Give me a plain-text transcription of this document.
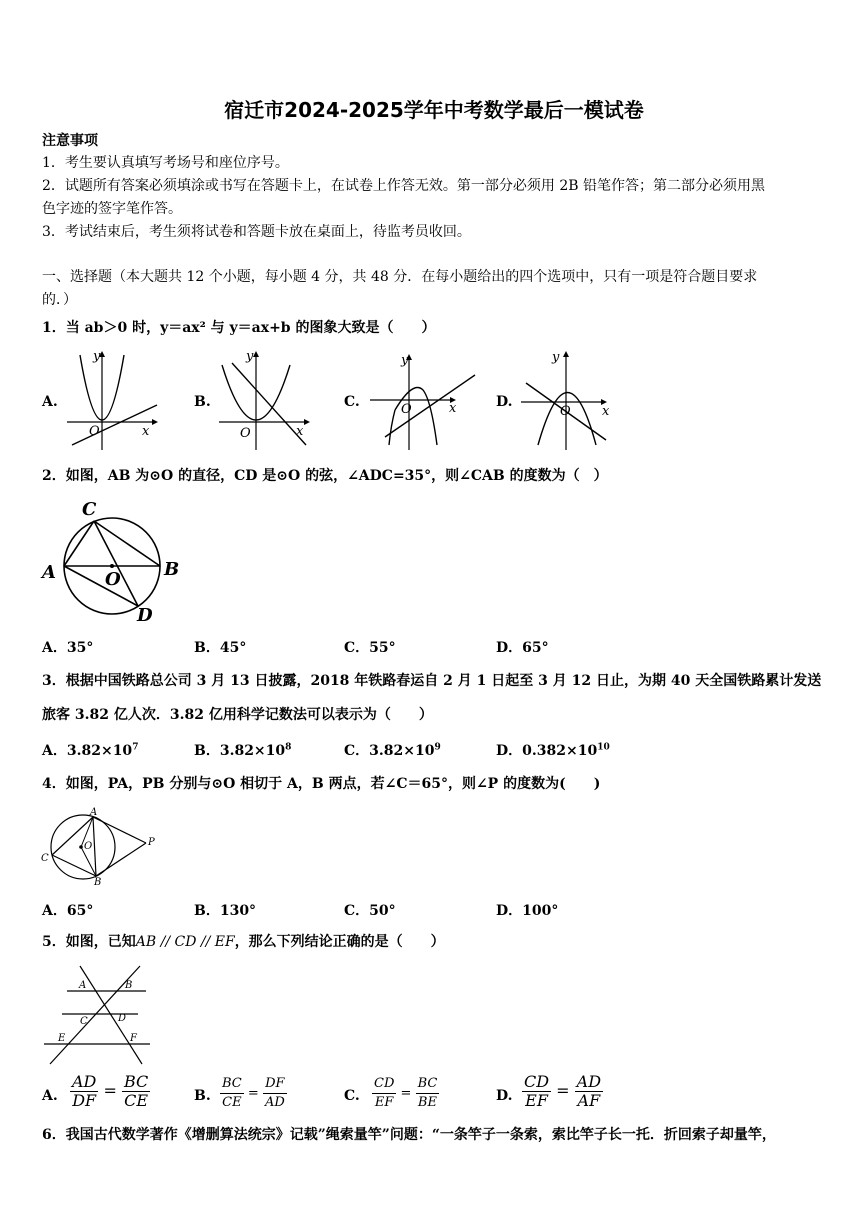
宿迁市2024-2025学年中考数学最后一模试卷
注意事项
1．考生要认真填写考场号和座位序号。
2．试题所有答案必须填涂或书写在答题卡上，在试卷上作答无效。第一部分必须用 2B 铅笔作答；第二部分必须用黑
色字迹的签字笔作答。
3．考试结束后，考生须将试卷和答题卡放在桌面上，待监考员收回。
一、选择题（本大题共 12 个小题，每小题 4 分，共 48 分．在每小题给出的四个选项中，只有一项是符合题目要求
的．）
1．当 ab＞0 时，y＝ax² 与 y＝ax+b 的图象大致是（　　）
A.
y
x
O
B.
y
x
O
C.
y
x
O	D.
y
x
O
2．如图，AB 为⊙O 的直径，CD 是⊙O 的弦，∠ADC=35°，则∠CAB 的度数为（　）
C
A	B
O
D
A．35°	B．45°	C．55°	D．65°
3．根据中国铁路总公司 3 月 13 日披露，2018 年铁路春运自 2 月 1 日起至 3 月 12 日止，为期 40 天全国铁路累计发送
旅客 3.82 亿人次．3.82 亿用科学记数法可以表示为（　　）
A．$3.82\times 10^7$	B．$3.82\times 10^8$	C．$3.82\times 10^9$	D．$0.382\times 10^{10}$
4．如图，PA，PB 分别与⊙O 相切于 A，B 两点，若∠C＝65°，则∠P 的度数为(　　)
A
C
B
O	P
A．65°	B．130°	C．50°	D．100°
5．如图，已知AB // CD // EF，那么下列结论正确的是（　　）
A	B
C	D
E	F
A. $\frac{AD}{DF} = \frac{BC}{CE}$	B. $\frac{BC}{CE} = \frac{DF}{AD}$	C. $\frac{CD}{EF} = \frac{BC}{BE}$	D. $\frac{CD}{EF} = \frac{AD}{AF}$
6．我国古代数学著作《增删算法统宗》记载”绳索量竿”问题：“一条竿子一条索，索比竿子长一托．折回索子却量竿，
